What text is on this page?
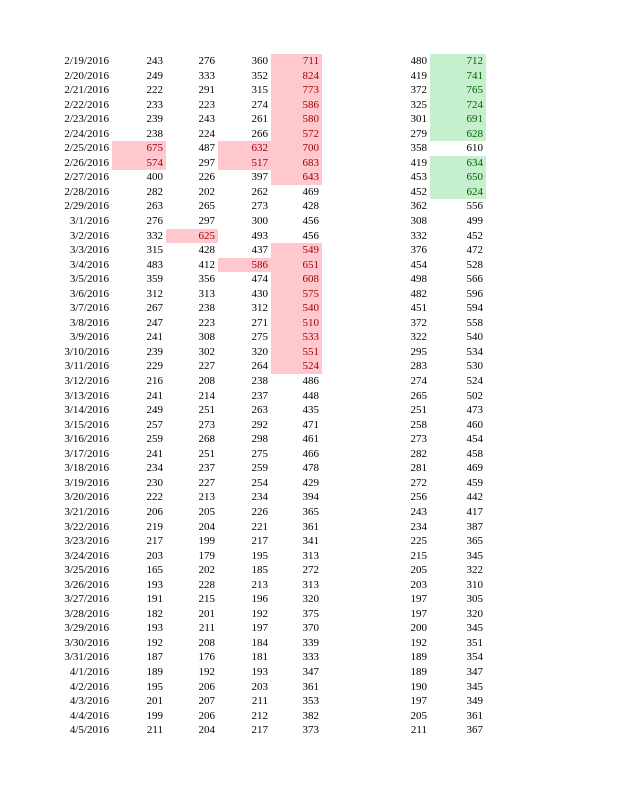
2/19/2016	243	276	360	711	480	712
2/20/2016	249	333	352	824	419	741
2/21/2016	222	291	315	773	372	765
2/22/2016	233	223	274	586	325	724
2/23/2016	239	243	261	580	301	691
2/24/2016	238	224	266	572	279	628
2/25/2016	675	487	632	700	358	610
2/26/2016	574	297	517	683	419	634
2/27/2016	400	226	397	643	453	650
2/28/2016	282	202	262	469	452	624
2/29/2016	263	265	273	428	362	556
3/1/2016	276	297	300	456	308	499
3/2/2016	332	625	493	456	332	452
3/3/2016	315	428	437	549	376	472
3/4/2016	483	412	586	651	454	528
3/5/2016	359	356	474	608	498	566
3/6/2016	312	313	430	575	482	596
3/7/2016	267	238	312	540	451	594
3/8/2016	247	223	271	510	372	558
3/9/2016	241	308	275	533	322	540
3/10/2016	239	302	320	551	295	534
3/11/2016	229	227	264	524	283	530
3/12/2016	216	208	238	486	274	524
3/13/2016	241	214	237	448	265	502
3/14/2016	249	251	263	435	251	473
3/15/2016	257	273	292	471	258	460
3/16/2016	259	268	298	461	273	454
3/17/2016	241	251	275	466	282	458
3/18/2016	234	237	259	478	281	469
3/19/2016	230	227	254	429	272	459
3/20/2016	222	213	234	394	256	442
3/21/2016	206	205	226	365	243	417
3/22/2016	219	204	221	361	234	387
3/23/2016	217	199	217	341	225	365
3/24/2016	203	179	195	313	215	345
3/25/2016	165	202	185	272	205	322
3/26/2016	193	228	213	313	203	310
3/27/2016	191	215	196	320	197	305
3/28/2016	182	201	192	375	197	320
3/29/2016	193	211	197	370	200	345
3/30/2016	192	208	184	339	192	351
3/31/2016	187	176	181	333	189	354
4/1/2016	189	192	193	347	189	347
4/2/2016	195	206	203	361	190	345
4/3/2016	201	207	211	353	197	349
4/4/2016	199	206	212	382	205	361
4/5/2016	211	204	217	373	211	367
